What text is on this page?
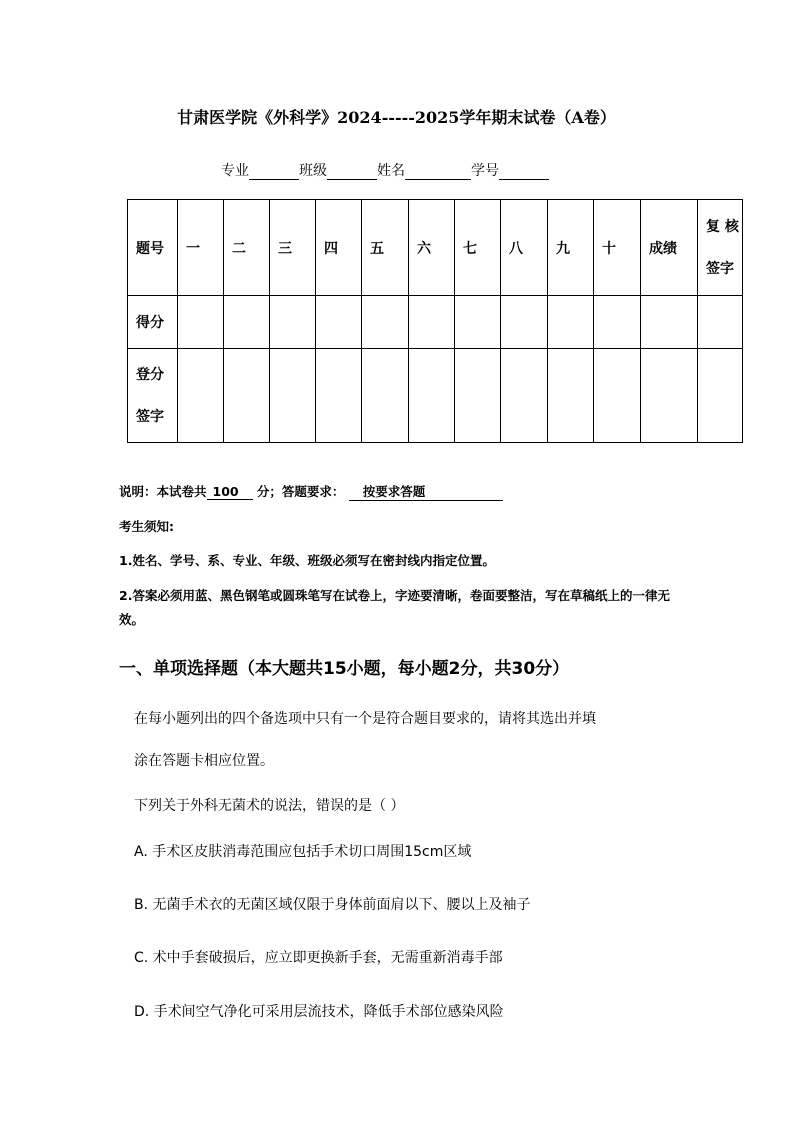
甘肃医学院《外科学》2024-----2025学年期末试卷（A卷）
专业	班级	姓名	学号
题号	一	二	三	四	五	六	七	八	九	十	成绩	复 核 签字
得分												
登分 签字												
说明：本试卷共 100 分；答题要求： 按要求答题
考生须知:
1.姓名、学号、系、专业、年级、班级必须写在密封线内指定位置。
2.答案必须用蓝、黑色钢笔或圆珠笔写在试卷上，字迹要清晰，卷面要整洁，写在草稿纸上的一律无效。
一、单项选择题（本大题共15小题，每小题2分，共30分）
在每小题列出的四个备选项中只有一个是符合题目要求的，请将其选出并填
涂在答题卡相应位置。
下列关于外科无菌术的说法，错误的是（ ）
A. 手术区皮肤消毒范围应包括手术切口周围15cm区域
B. 无菌手术衣的无菌区域仅限于身体前面肩以下、腰以上及袖子
C. 术中手套破损后，应立即更换新手套，无需重新消毒手部
D. 手术间空气净化可采用层流技术，降低手术部位感染风险
